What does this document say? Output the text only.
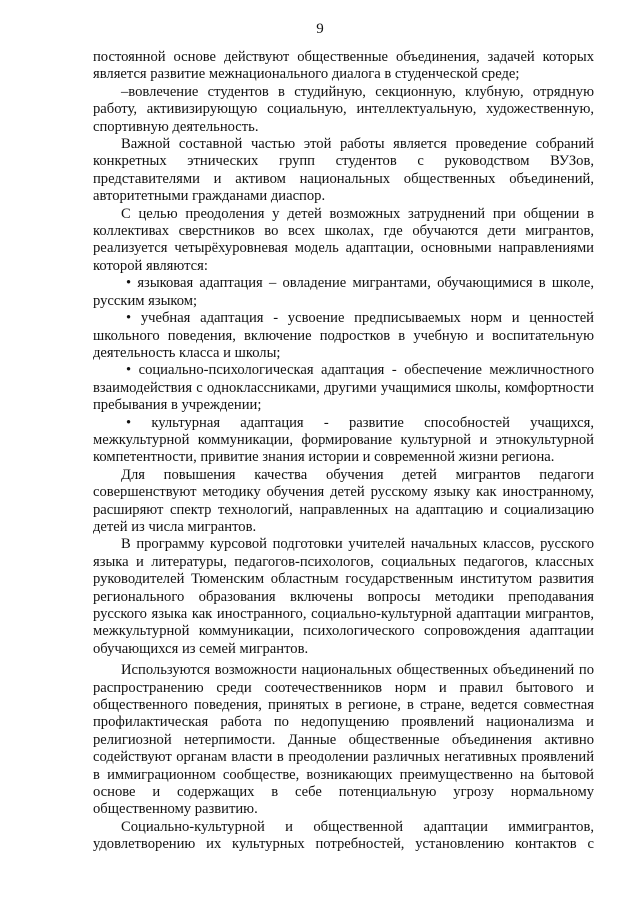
9

постоянной основе действуют общественные объединения, задачей которых является развитие межнационального диалога в студенческой среде;

–вовлечение студентов в студийную, секционную, клубную, отрядную работу, активизирующую социальную, интеллектуальную, художественную, спортивную деятельность.

Важной составной частью этой работы является проведение собраний конкретных этнических групп студентов с руководством ВУЗов, представителями и активом национальных общественных объединений, авторитетными гражданами диаспор.

С целью преодоления у детей возможных затруднений при общении в коллективах сверстников во всех школах, где обучаются дети мигрантов, реализуется четырёхуровневая модель адаптации, основными направлениями которой являются:

• языковая адаптация – овладение мигрантами, обучающимися в школе, русским языком;

• учебная адаптация - усвоение предписываемых норм и ценностей школьного поведения, включение подростков в учебную и воспитательную деятельность класса и школы;

• социально-психологическая адаптация - обеспечение межличностного взаимодействия с одноклассниками, другими учащимися школы, комфортности пребывания в учреждении;

• культурная адаптация - развитие способностей учащихся, межкультурной коммуникации, формирование культурной и этнокультурной компетентности, привитие знания истории и современной жизни региона.

Для повышения качества обучения детей мигрантов педагоги совершенствуют методику обучения детей русскому языку как иностранному, расширяют спектр технологий, направленных на адаптацию и социализацию детей из числа мигрантов.

В программу курсовой подготовки учителей начальных классов, русского языка и литературы, педагогов-психологов, социальных педагогов, классных руководителей Тюменским областным государственным институтом развития регионального образования включены вопросы методики преподавания русского языка как иностранного, социально-культурной адаптации мигрантов, межкультурной коммуникации, психологического сопровождения адаптации обучающихся из семей мигрантов.

Используются возможности национальных общественных объединений по распространению среди соотечественников норм и правил бытового и общественного поведения, принятых в регионе, в стране, ведется совместная профилактическая работа по недопущению проявлений национализма и религиозной нетерпимости. Данные общественные объединения активно содействуют органам власти в преодолении различных негативных проявлений в иммиграционном сообществе, возникающих преимущественно на бытовой основе и содержащих в себе потенциальную угрозу нормальному общественному развитию.

Социально-культурной и общественной адаптации иммигрантов, удовлетворению их культурных потребностей, установлению контактов с
